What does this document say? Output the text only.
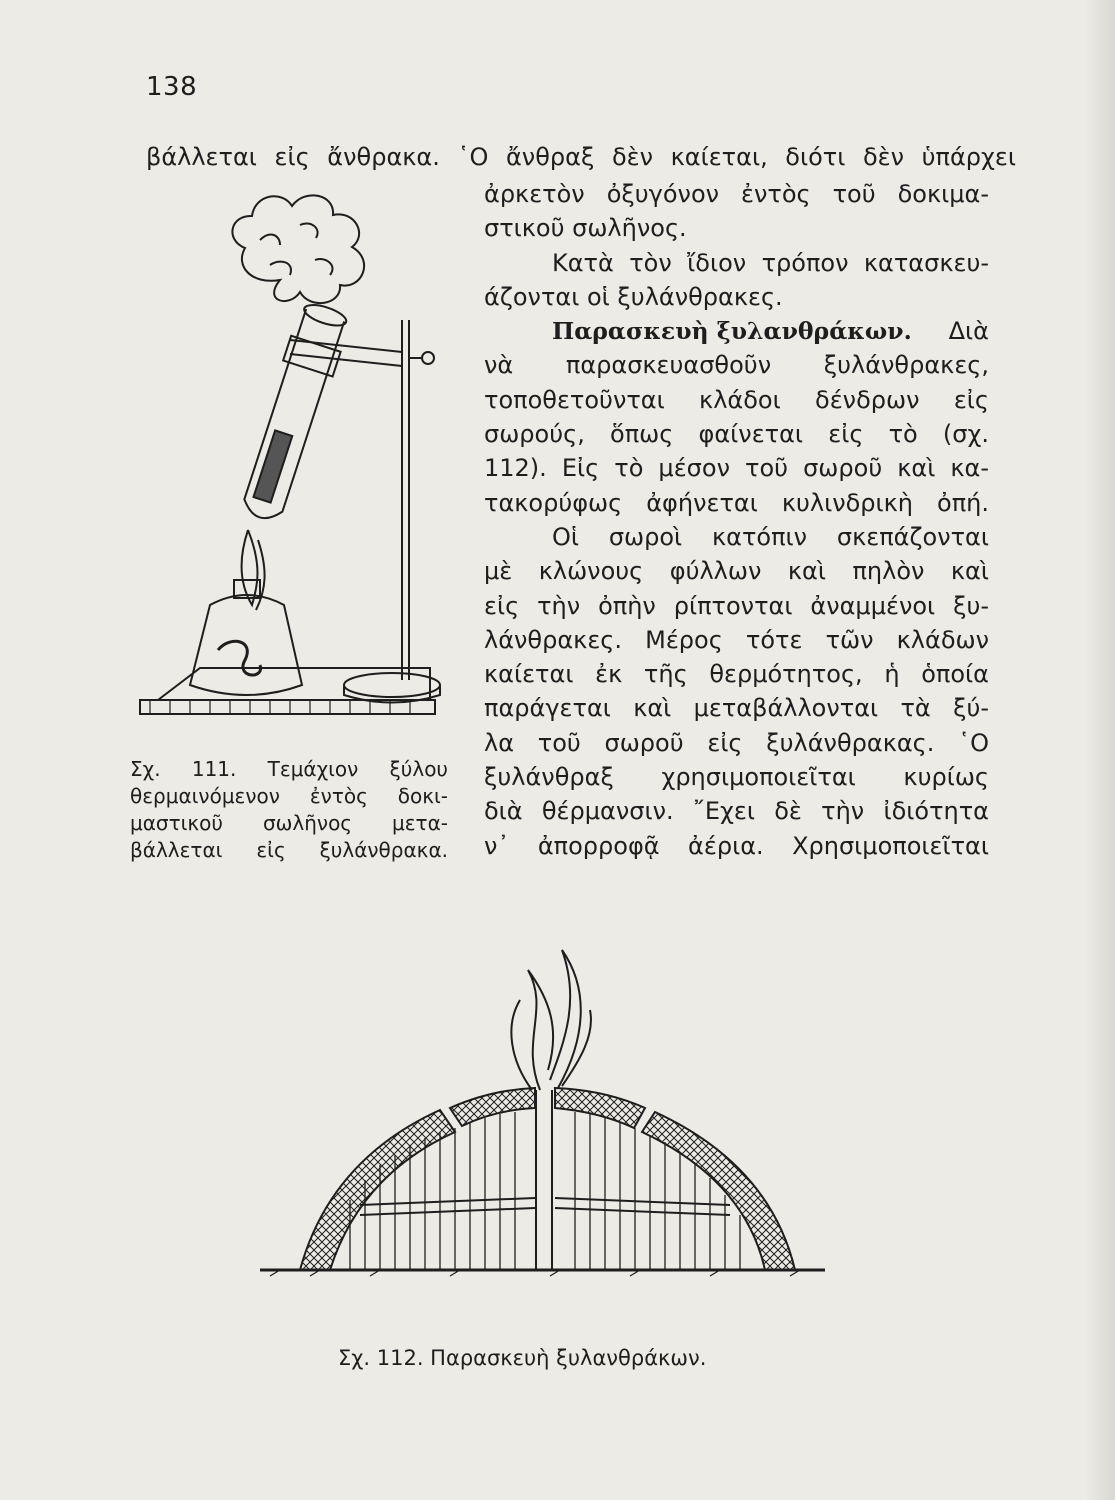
138
βάλλεται εἰς ἄνθρακα. ῾Ο ἄνθραξ δὲν καίεται, διότι δὲν ὑπάρχει
ἀρκετὸν ὀξυγόνον ἐντὸς τοῦ δοκιμα-
στικοῦ σωλῆνος.
Κατὰ τὸν ἴδιον τρόπον κατασκευ-
άζονται οἱ ξυλάνθρακες.
Παρασκευὴ ξυλανθράκων. Διὰ
νὰ παρασκευασθοῦν ξυλάνθρακες,
τοποθετοῦνται κλάδοι δένδρων εἰς
σωρούς, ὅπως φαίνεται εἰς τὸ (σχ.
112). Εἰς τὸ μέσον τοῦ σωροῦ καὶ κα-
τακορύφως ἀφήνεται κυλινδρικὴ ὀπή.
Οἱ σωροὶ κατόπιν σκεπάζονται
μὲ κλώνους φύλλων καὶ πηλὸν καὶ
εἰς τὴν ὀπὴν ρίπτονται ἀναμμένοι ξυ-
λάνθρακες. Μέρος τότε τῶν κλάδων
καίεται ἐκ τῆς θερμότητος, ἡ ὁποία
παράγεται καὶ μεταβάλλονται τὰ ξύ-
λα τοῦ σωροῦ εἰς ξυλάνθρακας. ῾Ο
ξυλάνθραξ χρησιμοποιεῖται κυρίως
διὰ θέρμανσιν. ῎Εχει δὲ τὴν ἰδιότητα
ν᾽ ἀπορροφᾷ ἀέρια. Χρησιμοποιεῖται
Σχ. 111. Τεμάχιον ξύλου
θερμαινόμενον ἐντὸς δοκι-
μαστικοῦ σωλῆνος μετα-
βάλλεται εἰς ξυλάνθρακα.
Σχ. 112. Παρασκευὴ ξυλανθράκων.
